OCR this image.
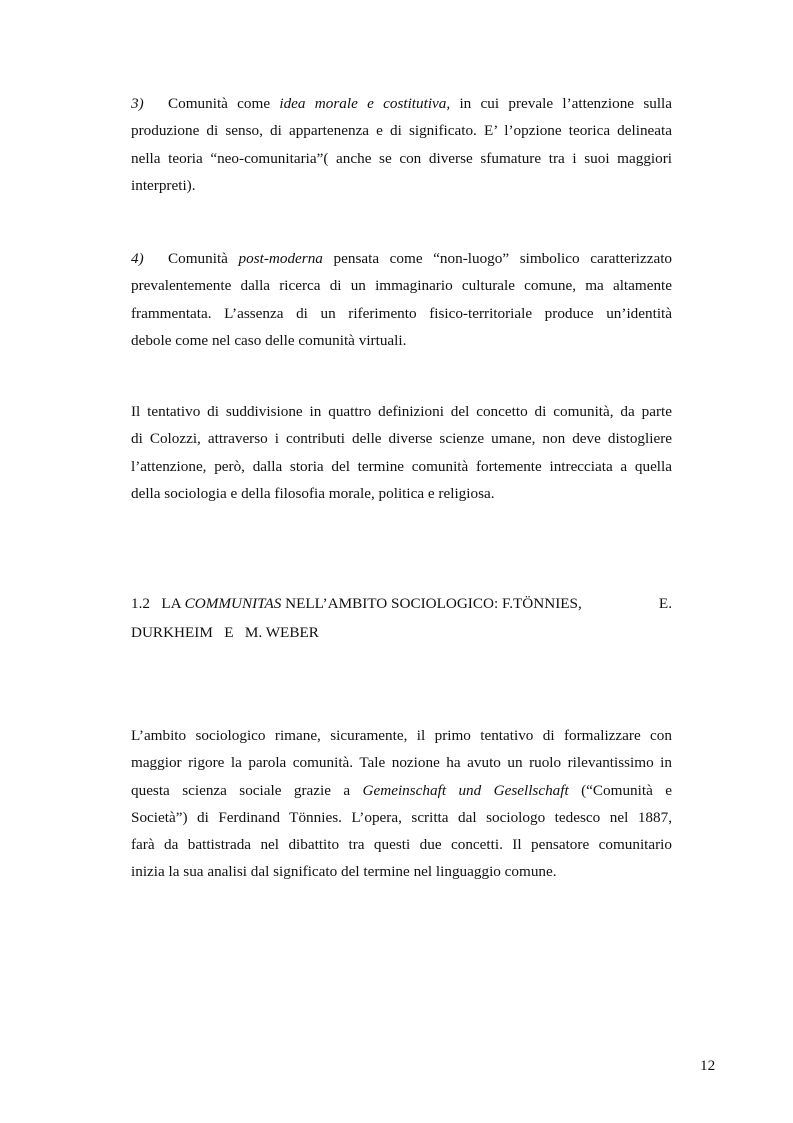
3) Comunità come idea morale e costitutiva, in cui prevale l’attenzione sulla
produzione di senso, di appartenenza e di significato. E’ l’opzione teorica delineata
nella teoria “neo-comunitaria”( anche se con diverse sfumature tra i suoi maggiori
interpreti).
4) Comunità post-moderna pensata come “non-luogo” simbolico caratterizzato
prevalentemente dalla ricerca di un immaginario culturale comune, ma altamente
frammentata. L’assenza di un riferimento fisico-territoriale produce un’identità
debole come nel caso delle comunità virtuali.
Il tentativo di suddivisione in quattro definizioni del concetto di comunità, da parte
di Colozzi, attraverso i contributi delle diverse scienze umane, non deve distogliere
l’attenzione, però, dalla storia del termine comunità fortemente intrecciata a quella
della sociologia e della filosofia morale, politica e religiosa.
1.2 LA COMMUNITAS NELL’AMBITO SOCIOLOGICO: F.TÖNNIES,	E.
DURKHEIM   E   M. WEBER
L’ambito sociologico rimane, sicuramente, il primo tentativo di formalizzare con
maggior rigore la parola comunità. Tale nozione ha avuto un ruolo rilevantissimo in
questa scienza sociale grazie a Gemeinschaft und Gesellschaft (“Comunità e
Società”) di Ferdinand Tönnies. L’opera, scritta dal sociologo tedesco nel 1887,
farà da battistrada nel dibattito tra questi due concetti. Il pensatore comunitario
inizia la sua analisi dal significato del termine nel linguaggio comune.
12
